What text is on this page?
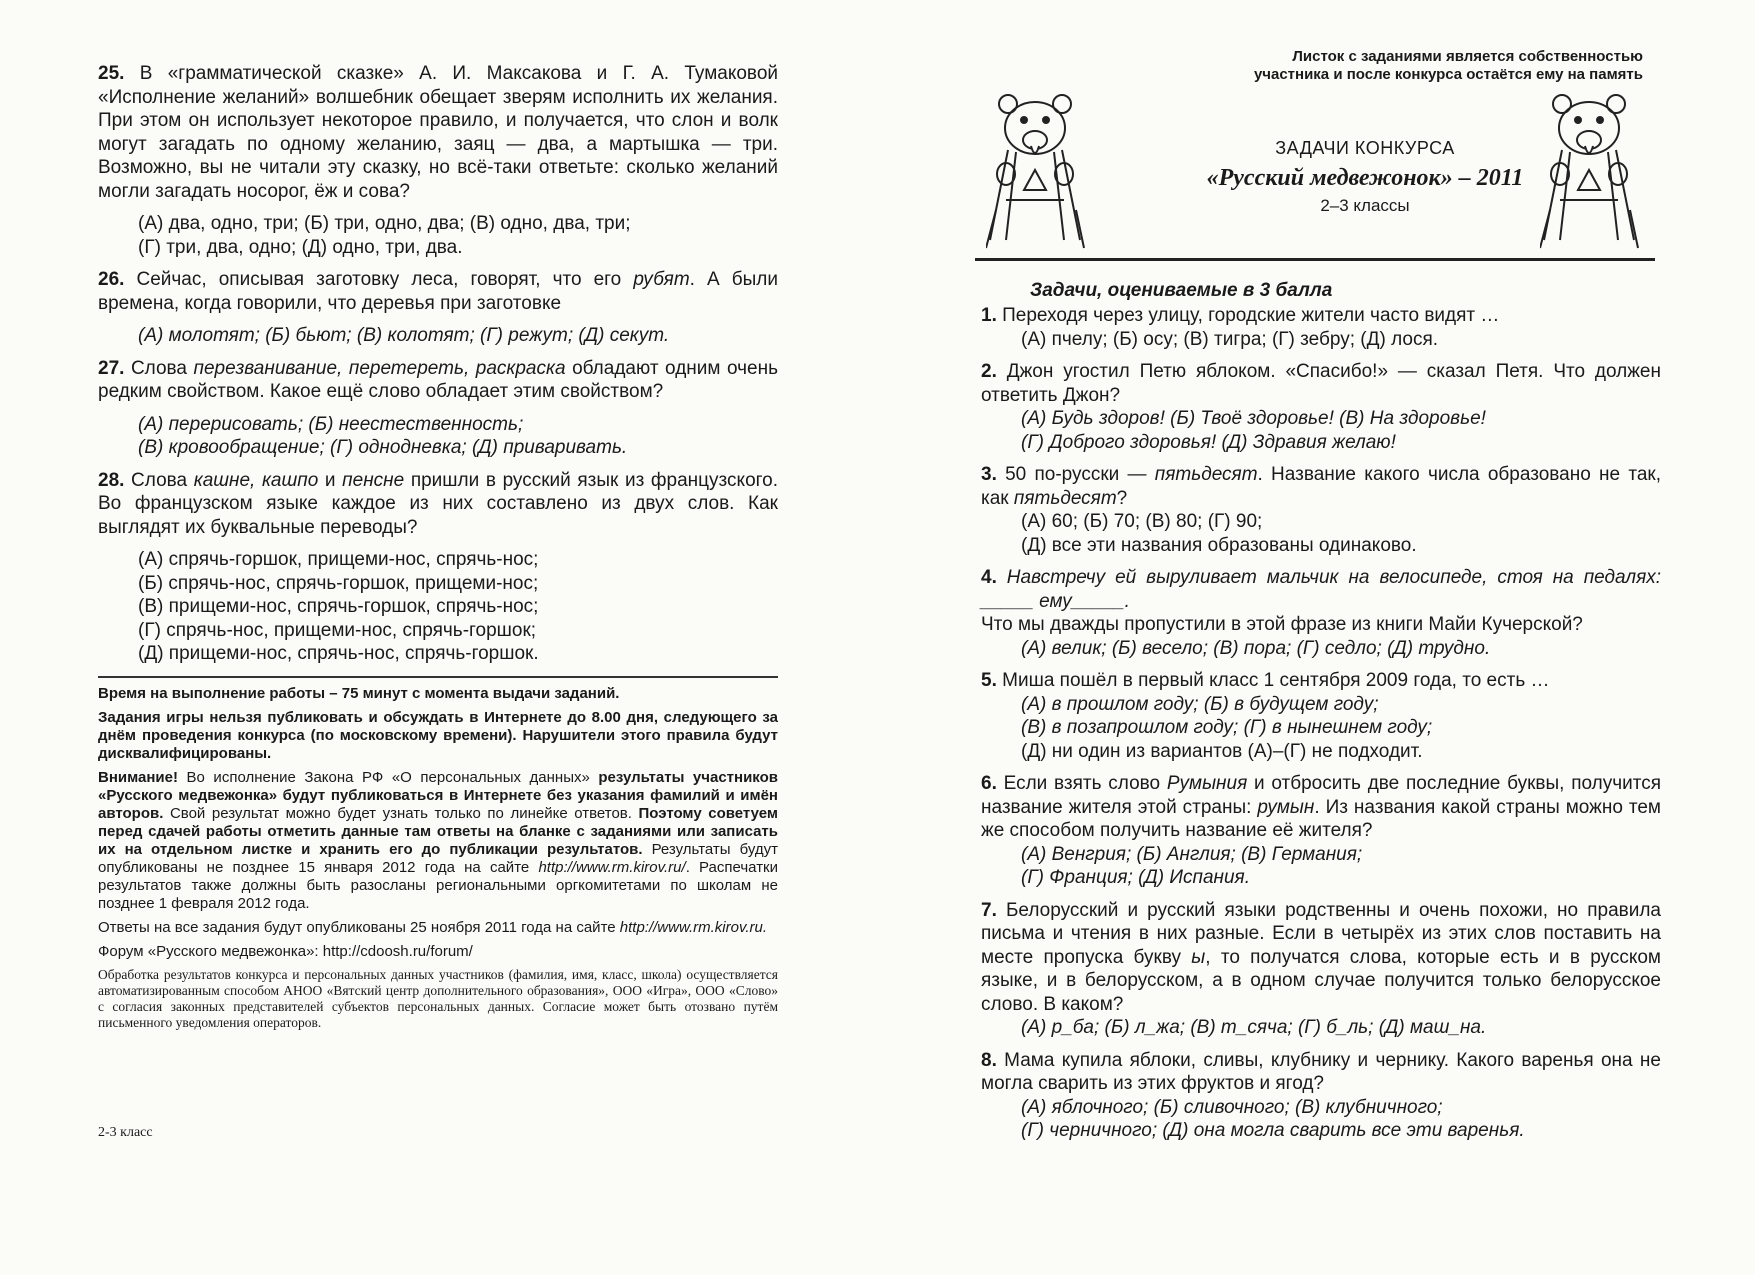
25. В «грамматической сказке» А. И. Максакова и Г. А. Тумаковой «Исполнение желаний» волшебник обещает зверям исполнить их желания. При этом он использует некоторое правило, и получается, что слон и волк могут загадать по одному желанию, заяц — два, а мартышка — три. Возможно, вы не читали эту сказку, но всё-таки ответьте: сколько желаний могли загадать носорог, ёж и сова?

(А) два, одно, три; (Б) три, одно, два; (В) одно, два, три;

(Г) три, два, одно; (Д) одно, три, два.

26. Сейчас, описывая заготовку леса, говорят, что его рубят. А были времена, когда говорили, что деревья при заготовке

(А) молотят; (Б) бьют; (В) колотят; (Г) режут; (Д) секут.

27. Слова перезванивание, перетереть, раскраска обладают одним очень редким свойством. Какое ещё слово обладает этим свойством?

(А) перерисовать; (Б) неестественность;

(В) кровообращение; (Г) однодневка; (Д) приваривать.

28. Слова кашне, кашпо и пенсне пришли в русский язык из французского. Во французском языке каждое из них составлено из двух слов. Как выглядят их буквальные переводы?

(А) спрячь-горшок, прищеми-нос, спрячь-нос;

(Б) спрячь-нос, спрячь-горшок, прищеми-нос;

(В) прищеми-нос, спрячь-горшок, спрячь-нос;

(Г) спрячь-нос, прищеми-нос, спрячь-горшок;

(Д) прищеми-нос, спрячь-нос, спрячь-горшок.

Время на выполнение работы – 75 минут с момента выдачи заданий.

Задания игры нельзя публиковать и обсуждать в Интернете до 8.00 дня, следующего за днём проведения конкурса (по московскому времени). Нарушители этого правила будут дисквалифицированы.

Внимание! Во исполнение Закона РФ «О персональных данных» результаты участников «Русского медвежонка» будут публиковаться в Интернете без указания фамилий и имён авторов. Свой результат можно будет узнать только по линейке ответов. Поэтому советуем перед сдачей работы отметить данные там ответы на бланке с заданиями или записать их на отдельном листке и хранить его до публикации результатов. Результаты будут опубликованы не позднее 15 января 2012 года на сайте http://www.rm.kirov.ru/. Распечатки результатов также должны быть разосланы региональными оргкомитетами по школам не позднее 1 февраля 2012 года.

Ответы на все задания будут опубликованы 25 ноября 2011 года на сайте http://www.rm.kirov.ru.

Форум «Русского медвежонка»: http://cdoosh.ru/forum/

Обработка результатов конкурса и персональных данных участников (фамилия, имя, класс, школа) осуществляется автоматизированным способом АНОО «Вятский центр дополнительного образования», ООО «Игра», ООО «Слово» с согласия законных представителей субъектов персональных данных. Согласие может быть отозвано путём письменного уведомления операторов.

2-3 класс
Листок с заданиями является собственностью
участника и после конкурса остаётся ему на память
ЗАДАЧИ КОНКУРСА
«Русский медвежонок» – 2011
2–3 классы
Задачи, оцениваемые в 3 балла

1. Переходя через улицу, городские жители часто видят …

(А) пчелу; (Б) осу; (В) тигра; (Г) зебру; (Д) лося.

2. Джон угостил Петю яблоком. «Спасибо!» — сказал Петя. Что должен ответить Джон?

(А) Будь здоров! (Б) Твоё здоровье! (В) На здоровье!

(Г) Доброго здоровья! (Д) Здравия желаю!

3. 50 по-русски — пятьдесят. Название какого числа образовано не так, как пятьдесят?

(А) 60; (Б) 70; (В) 80; (Г) 90;

(Д) все эти названия образованы одинаково.

4. Навстречу ей выруливает мальчик на велосипеде, стоя на педалях: _____ ему_____.
Что мы дважды пропустили в этой фразе из книги Майи Кучерской?

(А) велик; (Б) весело; (В) пора; (Г) седло; (Д) трудно.

5. Миша пошёл в первый класс 1 сентября 2009 года, то есть …

(А) в прошлом году; (Б) в будущем году;

(В) в позапрошлом году; (Г) в нынешнем году;

(Д) ни один из вариантов (А)–(Г) не подходит.

6. Если взять слово Румыния и отбросить две последние буквы, получится название жителя этой страны: румын. Из названия какой страны можно тем же способом получить название её жителя?

(А) Венгрия; (Б) Англия; (В) Германия;

(Г) Франция; (Д) Испания.

7. Белорусский и русский языки родственны и очень похожи, но правила письма и чтения в них разные. Если в четырёх из этих слов поставить на месте пропуска букву ы, то получатся слова, которые есть и в русском языке, и в белорусском, а в одном случае получится только белорусское слово. В каком?

(А) р_ба; (Б) л_жа; (В) т_сяча; (Г) б_ль; (Д) маш_на.

8. Мама купила яблоки, сливы, клубнику и чернику. Какого варенья она не могла сварить из этих фруктов и ягод?

(А) яблочного; (Б) сливочного; (В) клубничного;

(Г) черничного; (Д) она могла сварить все эти варенья.
